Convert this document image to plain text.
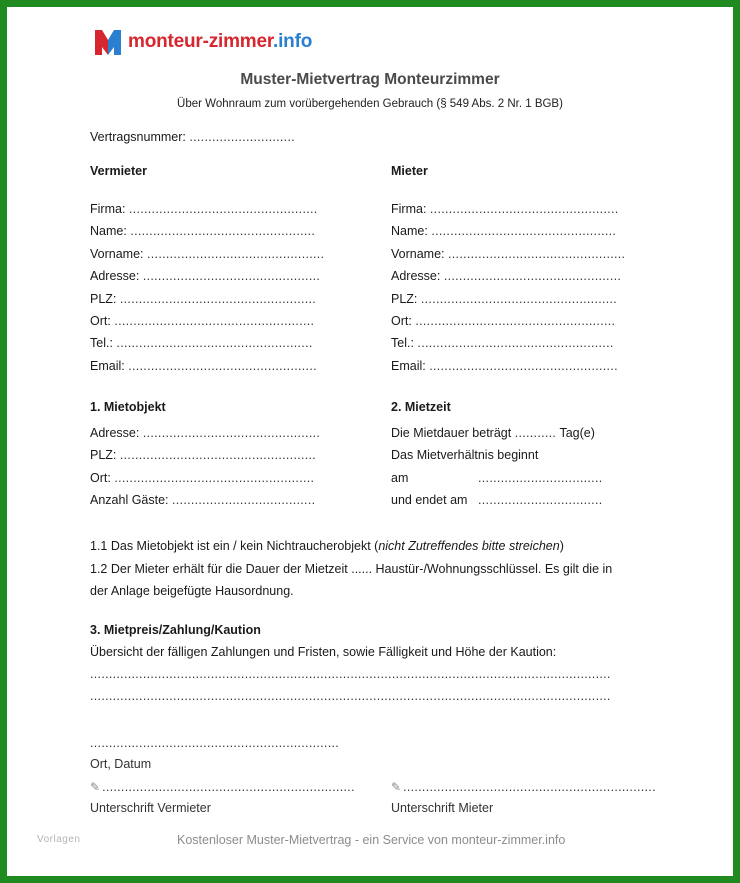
monteur-zimmer.info
Muster-Mietvertrag Monteurzimmer
Über Wohnraum zum vorübergehenden Gebrauch (§ 549 Abs. 2 Nr. 1 BGB)
Vertragsnummer: ............................
Vermieter
Firma: ..................................................
Name: .................................................
Vorname: ...............................................
Adresse: ...............................................
PLZ: ....................................................
Ort: .....................................................
Tel.: ....................................................
Email: ..................................................
Mieter
Firma: ..................................................
Name: .................................................
Vorname: ...............................................
Adresse: ...............................................
PLZ: ....................................................
Ort: .....................................................
Tel.: ....................................................
Email: ..................................................
1. Mietobjekt
Adresse: ...............................................
PLZ: ....................................................
Ort: .....................................................
Anzahl Gäste: ......................................
2. Mietzeit
Die Mietdauer beträgt ........... Tag(e)
Das Mietverhältnis beginnt
am	.................................
und endet am .................................
1.1 Das Mietobjekt ist ein / kein Nichtraucherobjekt (nicht Zutreffendes bitte streichen)
1.2 Der Mieter erhält für die Dauer der Mietzeit ...... Haustür-/Wohnungsschlüssel. Es gilt die in
der Anlage beigefügte Hausordnung.
3. Mietpreis/Zahlung/Kaution
Übersicht der fälligen Zahlungen und Fristen, sowie Fälligkeit und Höhe der Kaution:
..........................................................................................................................................
..........................................................................................................................................
..................................................................
Ort, Datum
✎ ...................................................................
Unterschrift Vermieter
✎ ...................................................................
Unterschrift Mieter
Vorlagen	Kostenloser Muster-Mietvertrag - ein Service von monteur-zimmer.info
